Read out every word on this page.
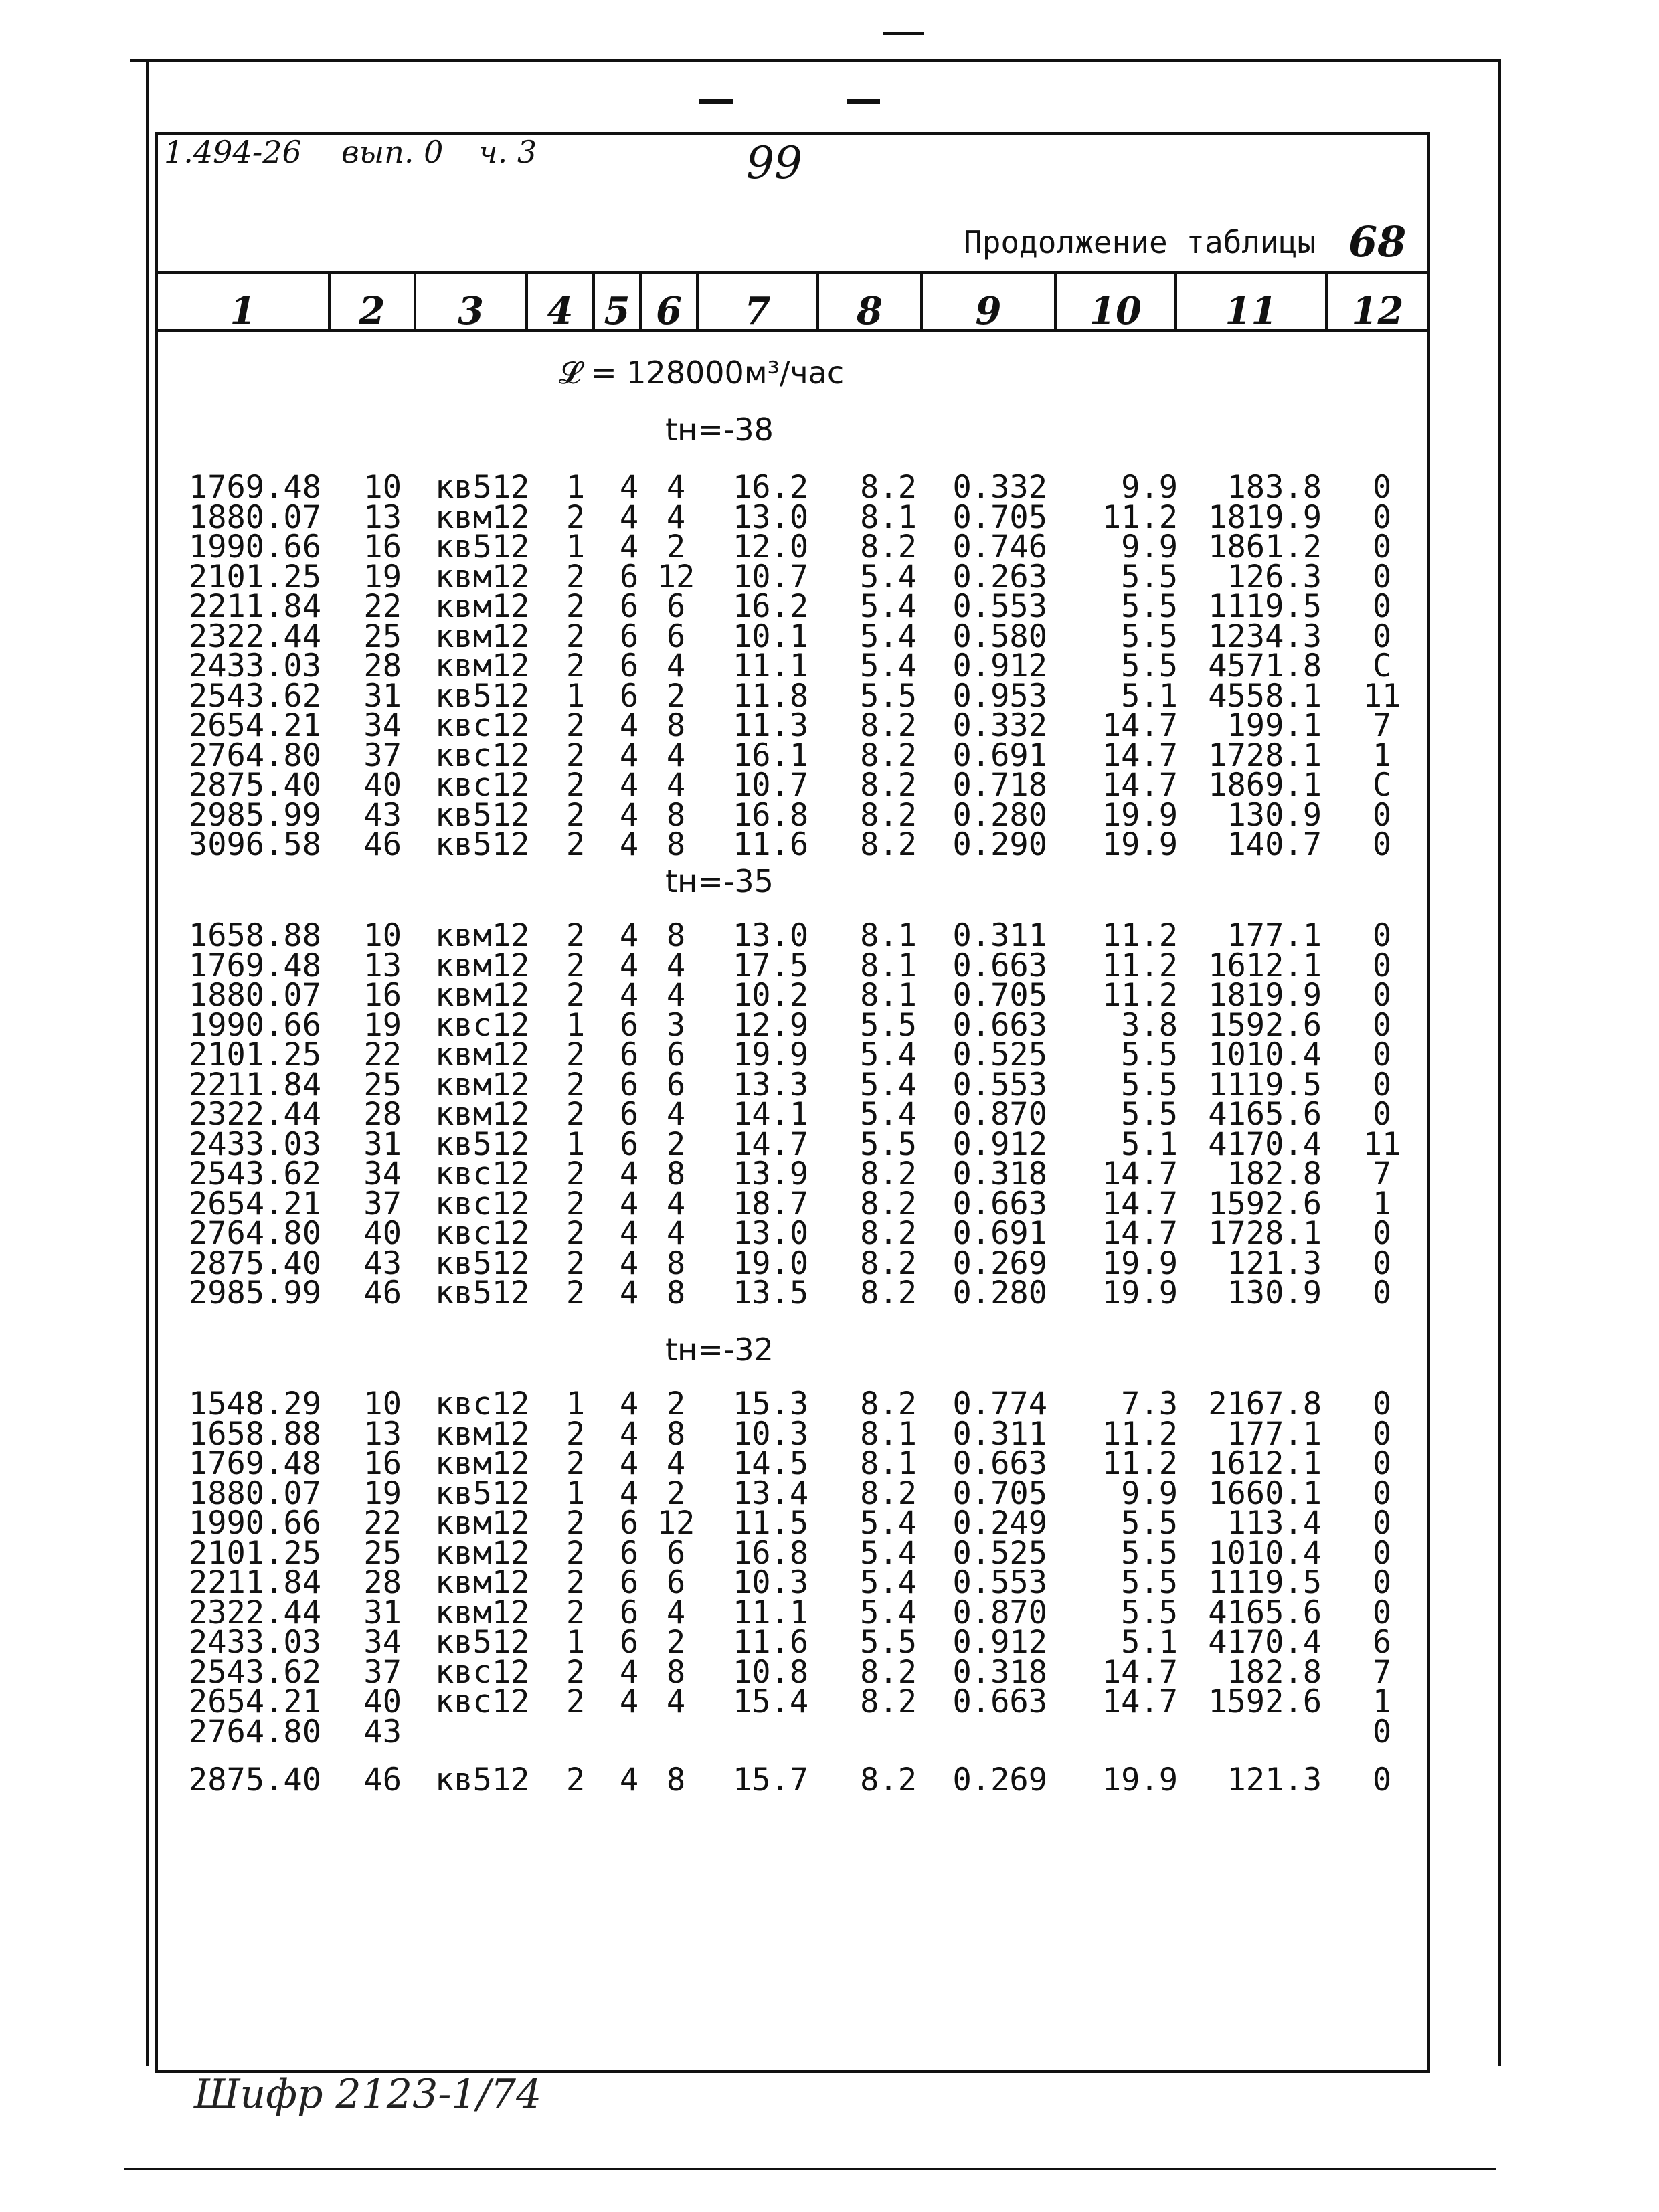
1.494-26 вып. 0 ч. 3	99
Продолжение таблицы 68
1	2	3	4 5 6	7	8	9	10	11	12
𝓛 = 128000м³/час
tн=-38
1769.48 10 кв512 1 4 4 16.2 8.2 0.332 9.9 183.8 0
1880.07 13 квм12 2 4 4 13.0 8.1 0.705 11.2 1819.9 0
1990.66 16 кв512 1 4 2 12.0 8.2 0.746 9.9 1861.2 0
2101.25 19 квм12 2 6 12 10.7 5.4 0.263 5.5 126.3 0
2211.84 22 квм12 2 6 6 16.2 5.4 0.553 5.5 1119.5 0
2322.44 25 квм12 2 6 6 10.1 5.4 0.580 5.5 1234.3 0
2433.03 28 квм12 2 6 4 11.1 5.4 0.912 5.5 4571.8 C
2543.62 31 кв512 1 6 2 11.8 5.5 0.953 5.1 4558.1 11
2654.21 34 квс12 2 4 8 11.3 8.2 0.332 14.7 199.1 7
2764.80 37 квс12 2 4 4 16.1 8.2 0.691 14.7 1728.1 1
2875.40 40 квс12 2 4 4 10.7 8.2 0.718 14.7 1869.1 C
2985.99 43 кв512 2 4 8 16.8 8.2 0.280 19.9 130.9 0
3096.58 46 кв512 2 4 8 11.6 8.2 0.290 19.9 140.7 0
tн=-35
1658.88 10 квм12 2 4 8 13.0 8.1 0.311 11.2 177.1 0
1769.48 13 квм12 2 4 4 17.5 8.1 0.663 11.2 1612.1 0
1880.07 16 квм12 2 4 4 10.2 8.1 0.705 11.2 1819.9 0
1990.66 19 квс12 1 6 3 12.9 5.5 0.663 3.8 1592.6 0
2101.25 22 квм12 2 6 6 19.9 5.4 0.525 5.5 1010.4 0
2211.84 25 квм12 2 6 6 13.3 5.4 0.553 5.5 1119.5 0
2322.44 28 квм12 2 6 4 14.1 5.4 0.870 5.5 4165.6 0
2433.03 31 кв512 1 6 2 14.7 5.5 0.912 5.1 4170.4 11
2543.62 34 квс12 2 4 8 13.9 8.2 0.318 14.7 182.8 7
2654.21 37 квс12 2 4 4 18.7 8.2 0.663 14.7 1592.6 1
2764.80 40 квс12 2 4 4 13.0 8.2 0.691 14.7 1728.1 0
2875.40 43 кв512 2 4 8 19.0 8.2 0.269 19.9 121.3 0
2985.99 46 кв512 2 4 8 13.5 8.2 0.280 19.9 130.9 0
tн=-32
1548.29 10 квс12 1 4 2 15.3 8.2 0.774 7.3 2167.8 0
1658.88 13 квм12 2 4 8 10.3 8.1 0.311 11.2 177.1 0
1769.48 16 квм12 2 4 4 14.5 8.1 0.663 11.2 1612.1 0
1880.07 19 кв512 1 4 2 13.4 8.2 0.705 9.9 1660.1 0
1990.66 22 квм12 2 6 12 11.5 5.4 0.249 5.5 113.4 0
2101.25 25 квм12 2 6 6 16.8 5.4 0.525 5.5 1010.4 0
2211.84 28 квм12 2 6 6 10.3 5.4 0.553 5.5 1119.5 0
2322.44 31 квм12 2 6 4 11.1 5.4 0.870 5.5 4165.6 0
2433.03 34 кв512 1 6 2 11.6 5.5 0.912 5.1 4170.4 6
2543.62 37 квс12 2 4 8 10.8 8.2 0.318 14.7 182.8 7
2654.21 40 квс12 2 4 4 15.4 8.2 0.663 14.7 1592.6 1
2764.80 43	0
2875.40 46 кв512 2 4 8 15.7 8.2 0.269 19.9 121.3 0
Шифр 2123-1/74
